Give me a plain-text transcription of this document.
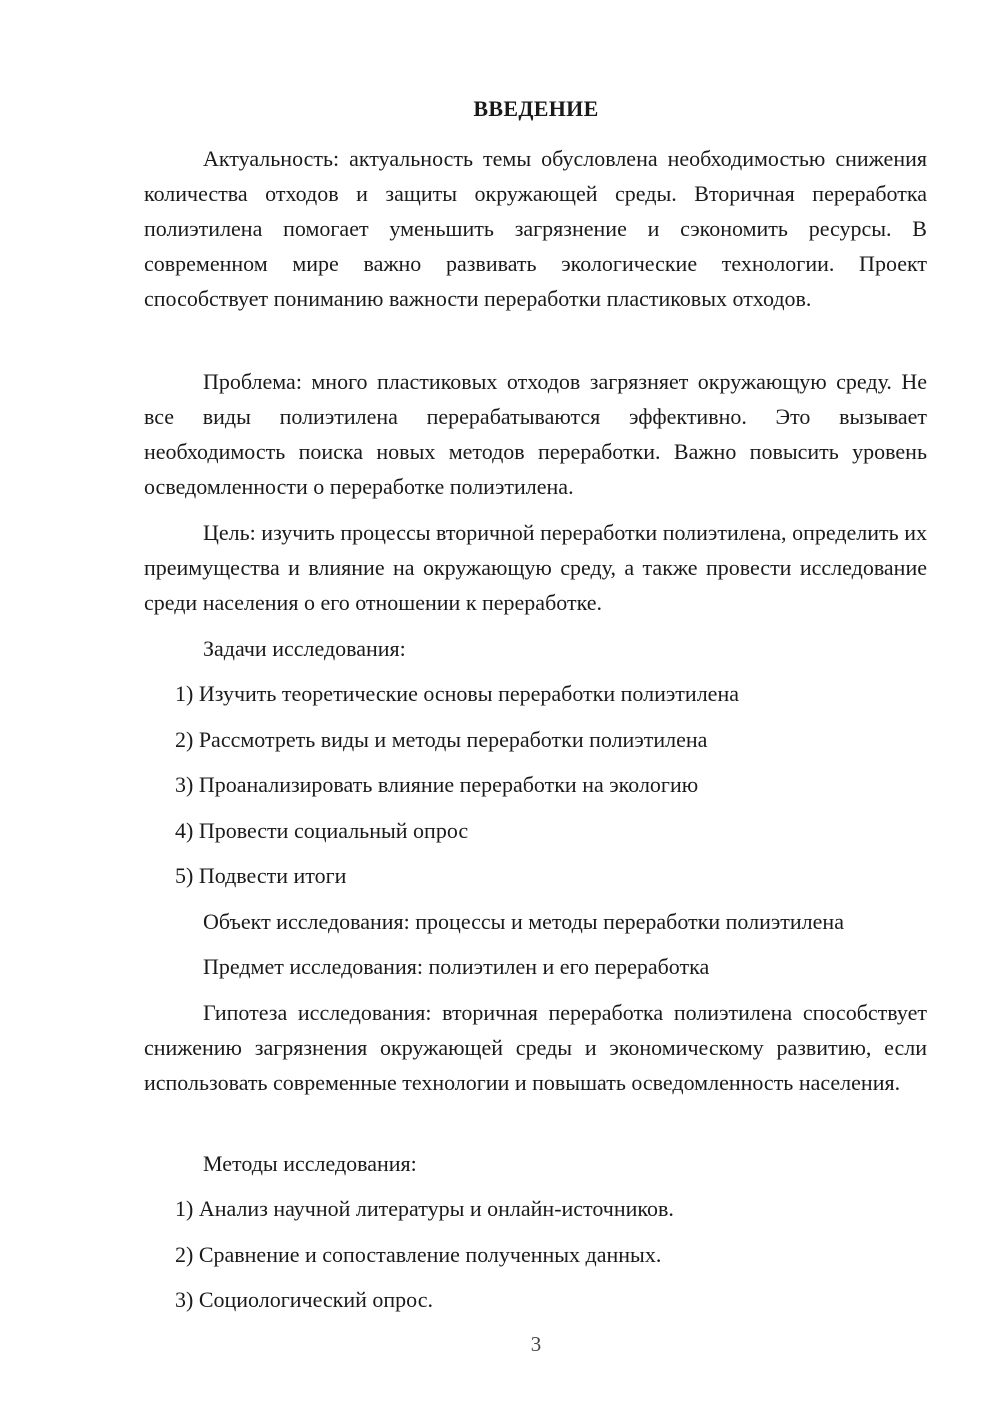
ВВЕДЕНИЕ
Актуальность: актуальность темы обусловлена необходимостью снижения количества отходов и защиты окружающей среды. Вторичная переработка полиэтилена помогает уменьшить загрязнение и сэкономить ресурсы. В современном мире важно развивать экологические технологии. Проект способствует пониманию важности переработки пластиковых отходов.
Проблема: много пластиковых отходов загрязняет окружающую среду. Не все виды полиэтилена перерабатываются эффективно. Это вызывает необходимость поиска новых методов переработки. Важно повысить уровень осведомленности о переработке полиэтилена.
Цель: изучить процессы вторичной переработки полиэтилена, определить их преимущества и влияние на окружающую среду, а также провести исследование среди населения о его отношении к переработке.
Задачи исследования:
1) Изучить теоретические основы переработки полиэтилена
2) Рассмотреть виды и методы переработки полиэтилена
3) Проанализировать влияние переработки на экологию
4) Провести социальный опрос
5) Подвести итоги
Объект исследования: процессы и методы переработки полиэтилена
Предмет исследования: полиэтилен и его переработка
Гипотеза исследования: вторичная переработка полиэтилена способствует снижению загрязнения окружающей среды и экономическому развитию, если использовать современные технологии и повышать осведомленность населения.
Методы исследования:
1) Анализ научной литературы и онлайн-источников.
2) Сравнение и сопоставление полученных данных.
3) Социологический опрос.
3
